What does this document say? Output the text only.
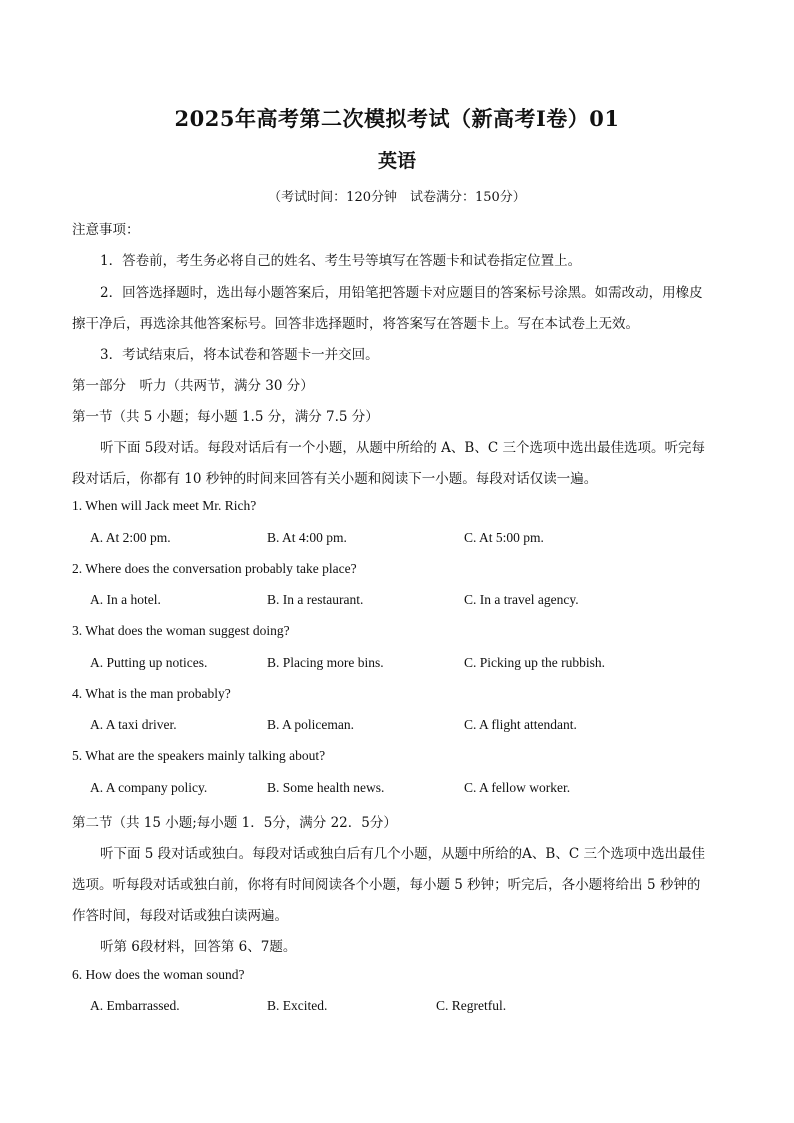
2025年高考第二次模拟考试（新高考I卷）01
英语
（考试时间：120分钟　试卷满分：150分）
注意事项：
1．答卷前，考生务必将自己的姓名、考生号等填写在答题卡和试卷指定位置上。
2．回答选择题时，选出每小题答案后，用铅笔把答题卡对应题目的答案标号涂黑。如需改动，用橡皮
擦干净后，再选涂其他答案标号。回答非选择题时，将答案写在答题卡上。写在本试卷上无效。
3．考试结束后，将本试卷和答题卡一并交回。
第一部分　听力（共两节，满分 30 分）
第一节（共 5 小题；每小题 1.5 分，满分 7.5 分）
听下面 5段对话。每段对话后有一个小题，从题中所给的 A、B、C 三个选项中选出最佳选项。听完每
段对话后，你都有 10 秒钟的时间来回答有关小题和阅读下一小题。每段对话仅读一遍。
1. When will Jack meet Mr. Rich?
A. At 2:00 pm.	B. At 4:00 pm.	C. At 5:00 pm.
2. Where does the conversation probably take place?
A. In a hotel.	B. In a restaurant.	C. In a travel agency.
3. What does the woman suggest doing?
A. Putting up notices.	B. Placing more bins.	C. Picking up the rubbish.
4. What is the man probably?
A. A taxi driver.	B. A policeman.	C. A flight attendant.
5. What are the speakers mainly talking about?
A. A company policy.	B. Some health news.	C. A fellow worker.
第二节（共 15 小题;每小题 1．5分，满分 22．5分）
听下面 5 段对话或独白。每段对话或独白后有几个小题，从题中所给的A、B、C 三个选项中选出最佳
选项。听每段对话或独白前，你将有时间阅读各个小题，每小题 5 秒钟；听完后，各小题将给出 5 秒钟的
作答时间，每段对话或独白读两遍。
听第 6段材料，回答第 6、7题。
6. How does the woman sound?
A. Embarrassed.	B. Excited.	C. Regretful.
